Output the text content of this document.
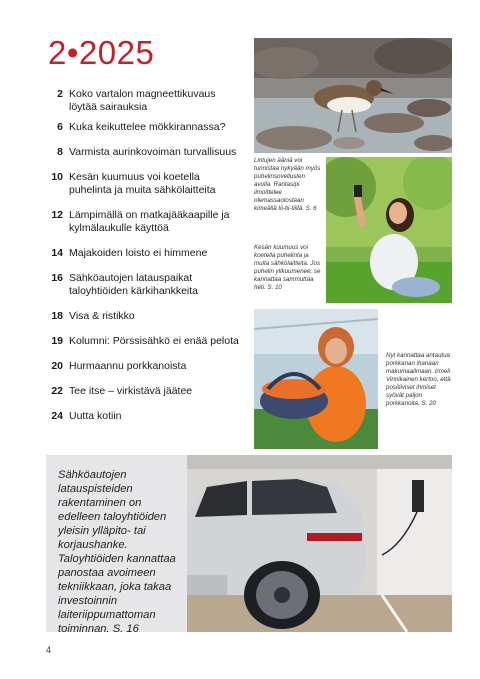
2•2025
2 Koko vartalon magneettikuvaus löytää sairauksia
6 Kuka keikuttelee mökkirannassa?
8 Varmista aurinkovoiman turvallisuus
10 Kesän kuumuus voi koetella puhelinta ja muita sähkölaitteita
12 Lämpimällä on matkajääkaapille ja kylmälaukulle käyttöä
14 Majakoiden loisto ei himmene
16 Sähköautojen latauspaikat taloyhtiöiden kärkihankkeita
18 Visa & ristikko
19 Kolumni: Pörssisähkö ei enää pelota
20 Hurmaannu porkkanoista
22 Tee itse – virkistävä jäätee
24 Uutta kotiin
Lintujen ääniä voi tunnistaa nykyään myös puhelinsovellusten avulla. Rantasipi ilmoittelee olemassaolostaan kimeällä tii-tii-tiillä. S. 6
Kesän kuumuus voi koetella puhelinta ja muita sähkölaitteita. Jos puhelin ylikuumenee, se kannattaa sammuttaa heti. S. 10
Nyt kannattaa antautua porkkanan ihanaan makumaailmaan. Irmeli Vinnikainen kertoo, että positiiviset ihmiset syövät paljon porkkanoita. S. 20
Sähköautojen latauspisteiden rakentaminen on edelleen taloyhtiöiden yleisin ylläpito- tai korjaushanke. Taloyhtiöiden kannattaa panostaa avoimeen tekniikkaan, joka takaa investoinnin laiteriippumattoman toiminnan. S. 16
4
